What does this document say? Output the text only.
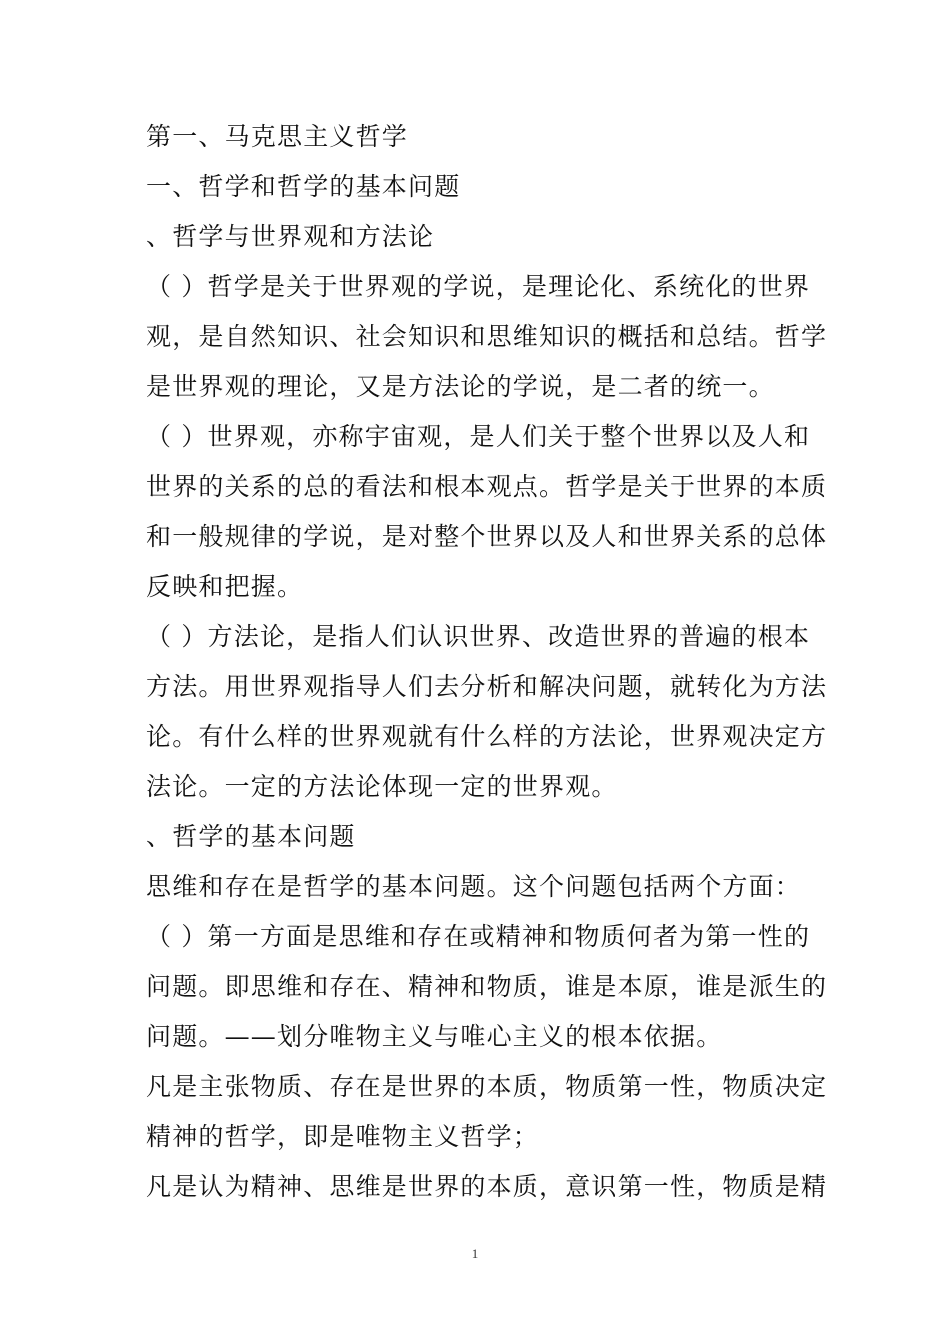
第一、马克思主义哲学
一、哲学和哲学的基本问题
、哲学与世界观和方法论
（ ）哲学是关于世界观的学说，是理论化、系统化的世界
观，是自然知识、社会知识和思维知识的概括和总结。哲学
是世界观的理论，又是方法论的学说，是二者的统一。
（ ）世界观，亦称宇宙观，是人们关于整个世界以及人和
世界的关系的总的看法和根本观点。哲学是关于世界的本质
和一般规律的学说，是对整个世界以及人和世界关系的总体
反映和把握。
（ ）方法论，是指人们认识世界、改造世界的普遍的根本
方法。用世界观指导人们去分析和解决问题，就转化为方法
论。有什么样的世界观就有什么样的方法论，世界观决定方
法论。一定的方法论体现一定的世界观。
、哲学的基本问题
思维和存在是哲学的基本问题。这个问题包括两个方面：
（ ）第一方面是思维和存在或精神和物质何者为第一性的
问题。即思维和存在、精神和物质，谁是本原，谁是派生的
问题。——划分唯物主义与唯心主义的根本依据。
凡是主张物质、存在是世界的本质，物质第一性，物质决定
精神的哲学，即是唯物主义哲学；
凡是认为精神、思维是世界的本质，意识第一性，物质是精
1
